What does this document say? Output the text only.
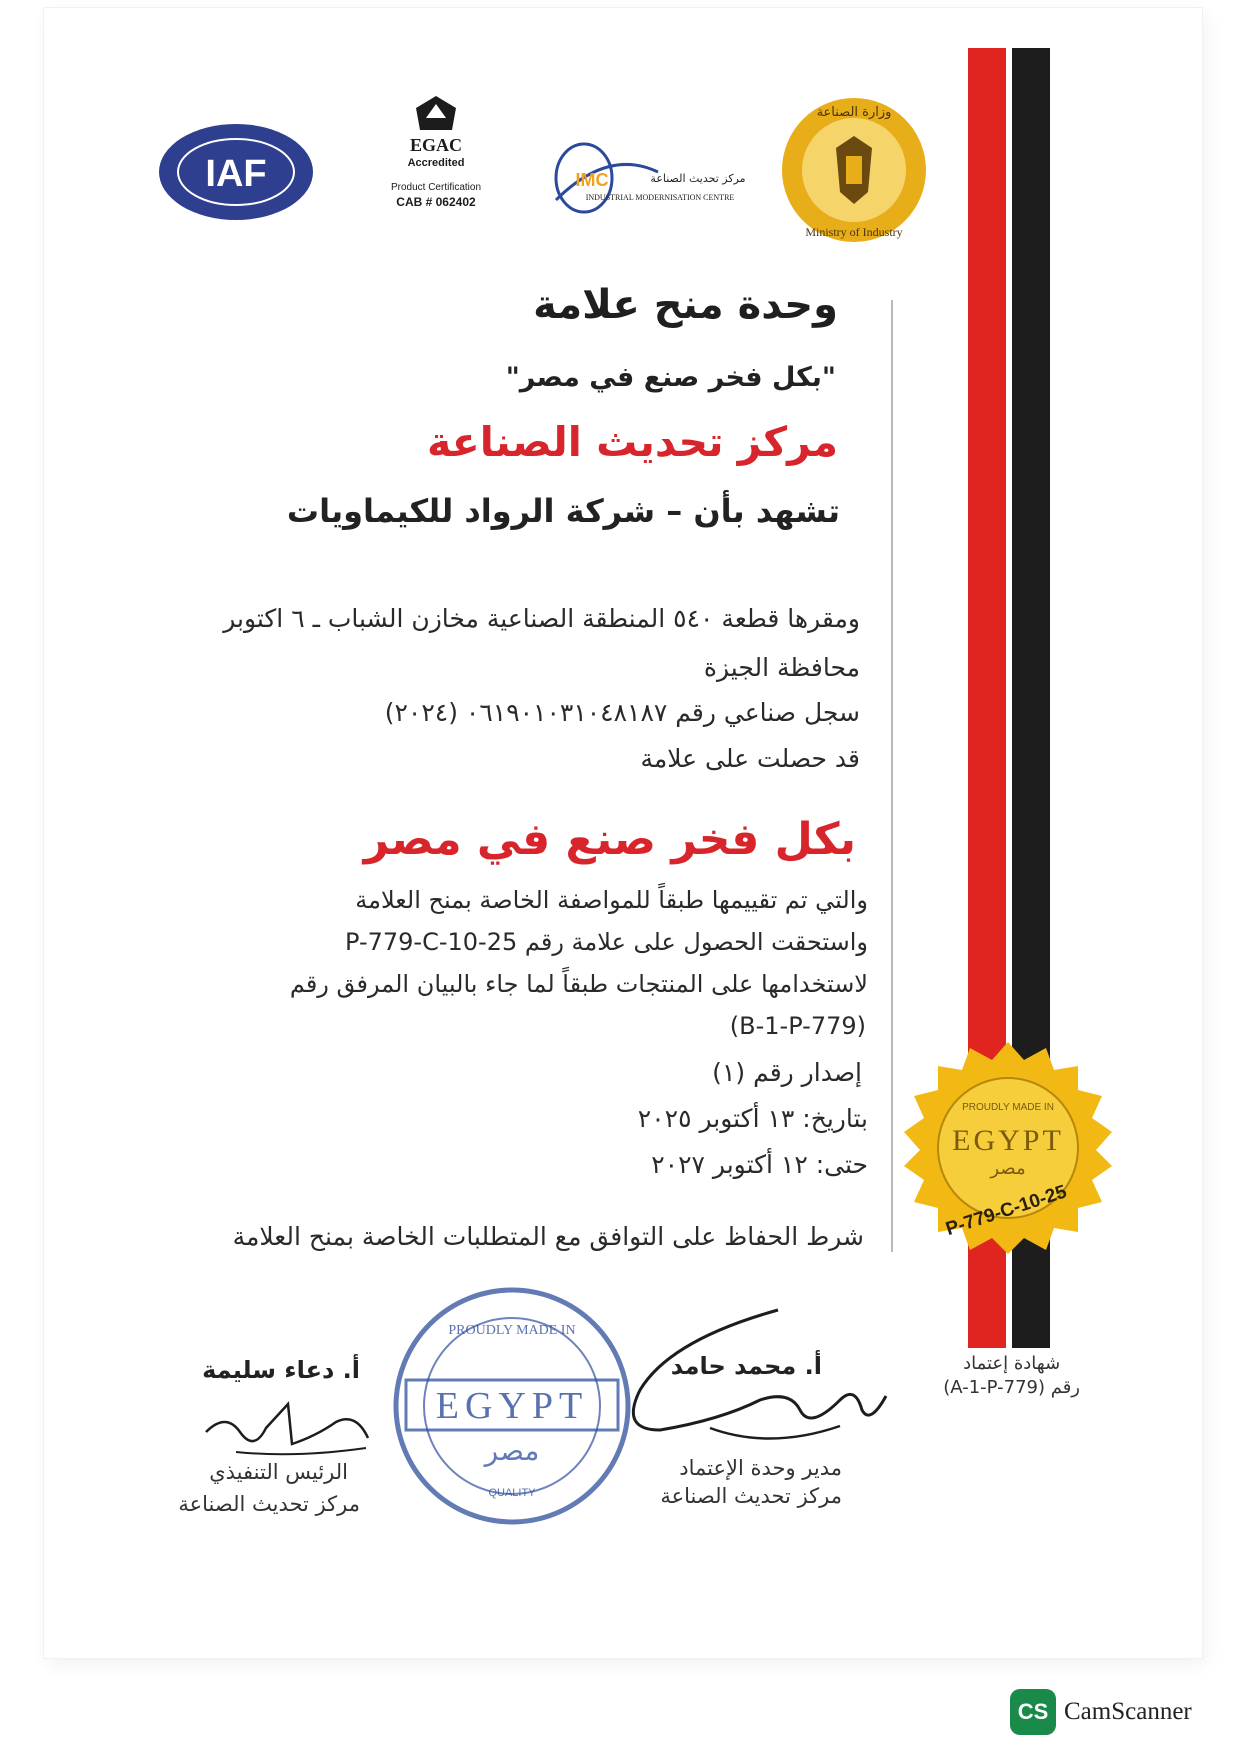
IAF
EGAC
Accredited
Product Certification
CAB # 062402
IMC	مركز تحديث الصناعة
INDUSTRIAL MODERNISATION CENTRE
وزارة الصناعة
Ministry of Industry
وحدة منح علامة
"بكل فخر صنع في مصر"
مركز تحديث الصناعة
تشهد بأن – شركة الرواد للكيماويات
ومقرها قطعة ٥٤٠ المنطقة الصناعية مخازن الشباب ـ ٦ اكتوبر
محافظة الجيزة
سجل صناعي رقم ٠٦١٩٠١٠٣١٠٤٨١٨٧ (٢٠٢٤)
قد حصلت على علامة
بكل فخر صنع في مصر
والتي تم تقييمها طبقاً للمواصفة الخاصة بمنح العلامة
واستحقت الحصول على علامة رقم P-779-C-10-25
لاستخدامها على المنتجات طبقاً لما جاء بالبيان المرفق رقم
(B-1-P-779)
إصدار رقم (١)
بتاريخ: ١٣ أكتوبر ٢٠٢٥
حتى: ١٢ أكتوبر ٢٠٢٧
شرط الحفاظ على التوافق مع المتطلبات الخاصة بمنح العلامة
PROUDLY MADE IN
EGYPT
مصر
P-779-C-10-25
شهادة إعتماد
رقم (A-1-P-779)
PROUDLY MADE IN
EGYPT
مصر
QUALITY
أ. محمد حامد
مدير وحدة الإعتماد
مركز تحديث الصناعة
أ. دعاء سليمة
الرئيس التنفيذي
مركز تحديث الصناعة
CS CamScanner
